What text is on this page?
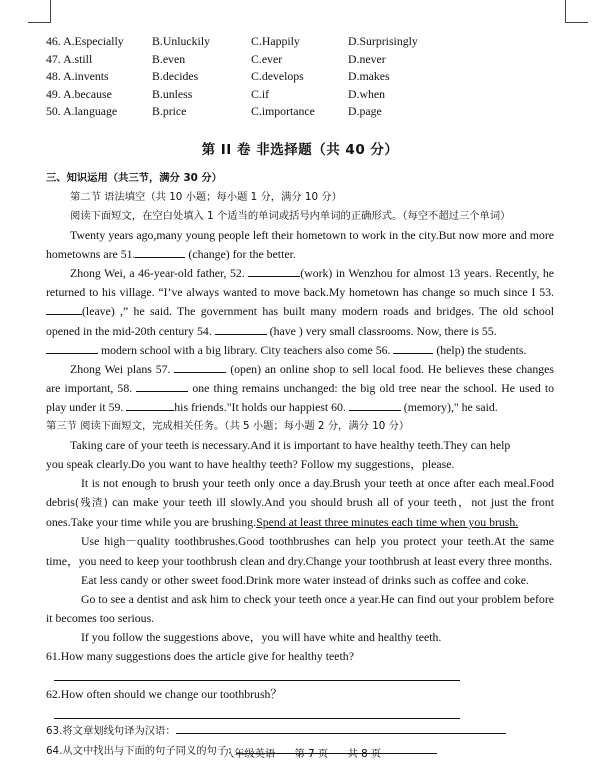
46. A.Especially	B.Unluckily	C.Happily	D.Surprisingly
47. A.still	B.even	C.ever	D.never
48. A.invents	B.decides	C.develops	D.makes
49. A.because	B.unless	C.if	D.when
50. A.language	B.price	C.importance	D.page
第 II 卷 非选择题（共 40 分）
三、知识运用（共三节，满分 30 分）
第二节 语法填空（共 10 小题；每小题 1 分，满分 10 分）

阅读下面短文，在空白处填入 1 个适当的单词或括号内单词的正确形式。（每空不超过三个单词）

Twenty years ago,many young people left their hometown to work in the city.But now more and more hometowns are 51.	(change) for the better.

Zhong Wei, a 46-year-old father, 52.	(work) in Wenzhou for almost 13 years. Recently, he returned to his village. “I’ve always wanted to move back.My hometown has change so much since I 53.(leave) ,” he said. The government has built many modern roads and bridges. The old school opened in the mid-20th century 54.	(have ) very small classrooms. Now, there is 55.
modern school with a big library. City teachers also come 56.	(help) the students.

Zhong Wei plans 57.	(open) an online shop to sell local food. He believes these changes are important, 58.	one thing remains unchanged: the big old tree near the school. He used to play under it 59.	his friends."It holds our happiest 60.	(memory)," he said.

第三节 阅读下面短文，完成相关任务。（共 5 小题；每小题 2 分，满分 10 分）

Taking care of your teeth is necessary.And it is important to have healthy teeth.They can help

you speak clearly.Do you want to have healthy teeth? Follow my suggestions，please.

It is not enough to brush your teeth only once a day.Brush your teeth at once after each meal.Food debris(残渣) can make your teeth ill slowly.And you should brush all of your teeth，not just the front ones.Take your time while you are brushing.Spend at least three minutes each time when you brush.

Use high－quality toothbrushes.Good toothbrushes can help you protect your teeth.At the same time，you need to keep your toothbrush clean and dry.Change your toothbrush at least every three months.

Eat less candy or other sweet food.Drink more water instead of drinks such as coffee and coke.

Go to see a dentist and ask him to check your teeth once a year.He can find out your problem before it becomes too serious.

If you follow the suggestions above，you will have white and healthy teeth.

61.How many suggestions does the article give for healthy teeth?

62.How often should we change our toothbrush？

63.将文章划线句译为汉语：

64.从文中找出与下面的句子同义的句子：

八年级英语 第 7 页 共 8 页
